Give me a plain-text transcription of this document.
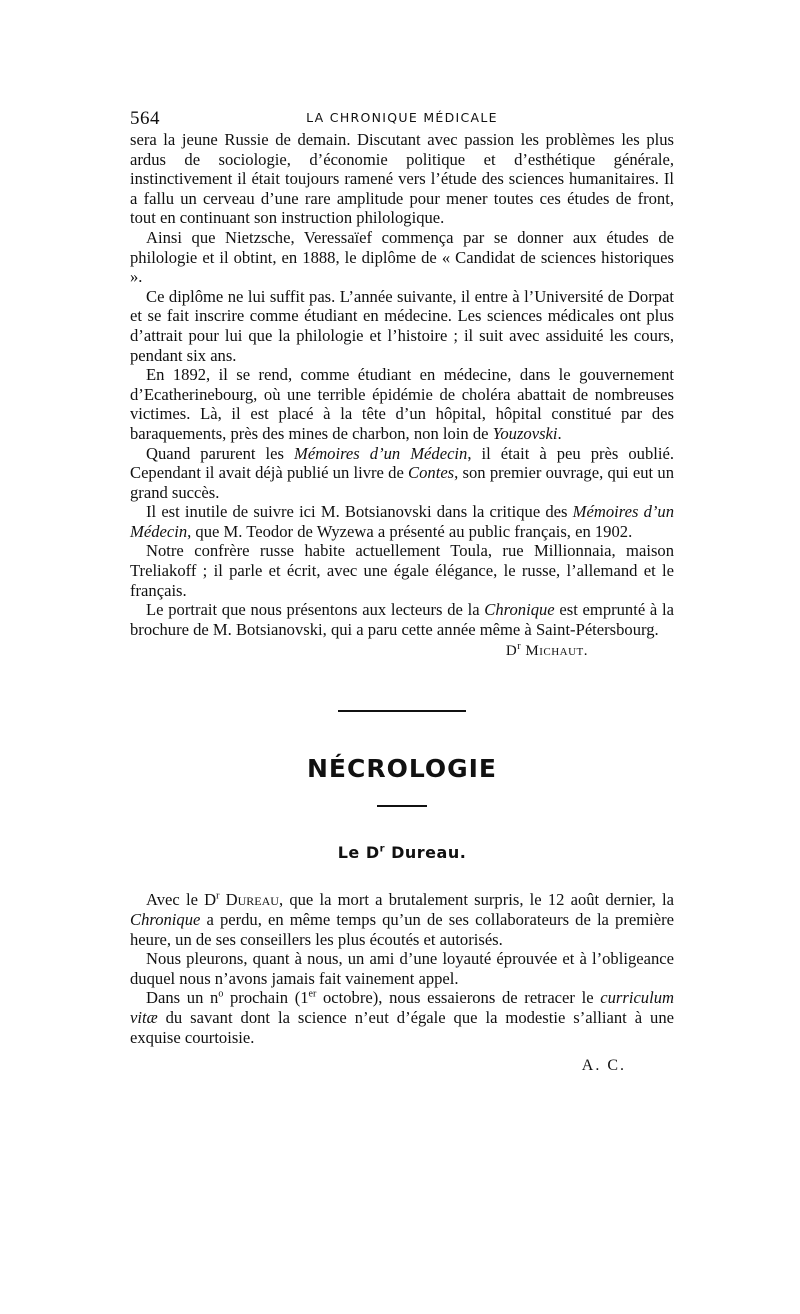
564	LA CHRONIQUE MÉDICALE

sera la jeune Russie de demain. Discutant avec passion les problèmes les plus ardus de sociologie, d’économie politique et d’esthétique générale, instinctivement il était toujours ramené vers l’étude des sciences humanitaires. Il a fallu un cerveau d’une rare amplitude pour mener toutes ces études de front, tout en continuant son instruction philologique.

Ainsi que Nietzsche, Veressaïef commença par se donner aux études de philologie et il obtint, en 1888, le diplôme de « Candidat de sciences historiques ».

Ce diplôme ne lui suffit pas. L’année suivante, il entre à l’Université de Dorpat et se fait inscrire comme étudiant en médecine. Les sciences médicales ont plus d’attrait pour lui que la philologie et l’histoire ; il suit avec assiduité les cours, pendant six ans.

En 1892, il se rend, comme étudiant en médecine, dans le gouvernement d’Ecatherinebourg, où une terrible épidémie de choléra abattait de nombreuses victimes. Là, il est placé à la tête d’un hôpital, hôpital constitué par des baraquements, près des mines de charbon, non loin de Youzovski.

Quand parurent les Mémoires d’un Médecin, il était à peu près oublié. Cependant il avait déjà publié un livre de Contes, son premier ouvrage, qui eut un grand succès.

Il est inutile de suivre ici M. Botsianovski dans la critique des Mémoires d’un Médecin, que M. Teodor de Wyzewa a présenté au public français, en 1902.

Notre confrère russe habite actuellement Toula, rue Millionnaia, maison Treliakoff ; il parle et écrit, avec une égale élégance, le russe, l’allemand et le français.

Le portrait que nous présentons aux lecteurs de la Chronique est emprunté à la brochure de M. Botsianovski, qui a paru cette année même à Saint-Pétersbourg.

$D^r$ Michaut.
NÉCROLOGIE
Le $D^r$ Dureau.

Avec le $D^r$ Dureau, que la mort a brutalement surpris, le 12 août dernier, la Chronique a perdu, en même temps qu’un de ses collaborateurs de la première heure, un de ses conseillers les plus écoutés et autorisés.

Nous pleurons, quant à nous, un ami d’une loyauté éprouvée et à l’obligeance duquel nous n’avons jamais fait vainement appel.

Dans un $n^o$ prochain (1er octobre), nous essaierons de retracer le curriculum vitæ du savant dont la science n’eut d’égale que la modestie s’alliant à une exquise courtoisie.

A. C.
